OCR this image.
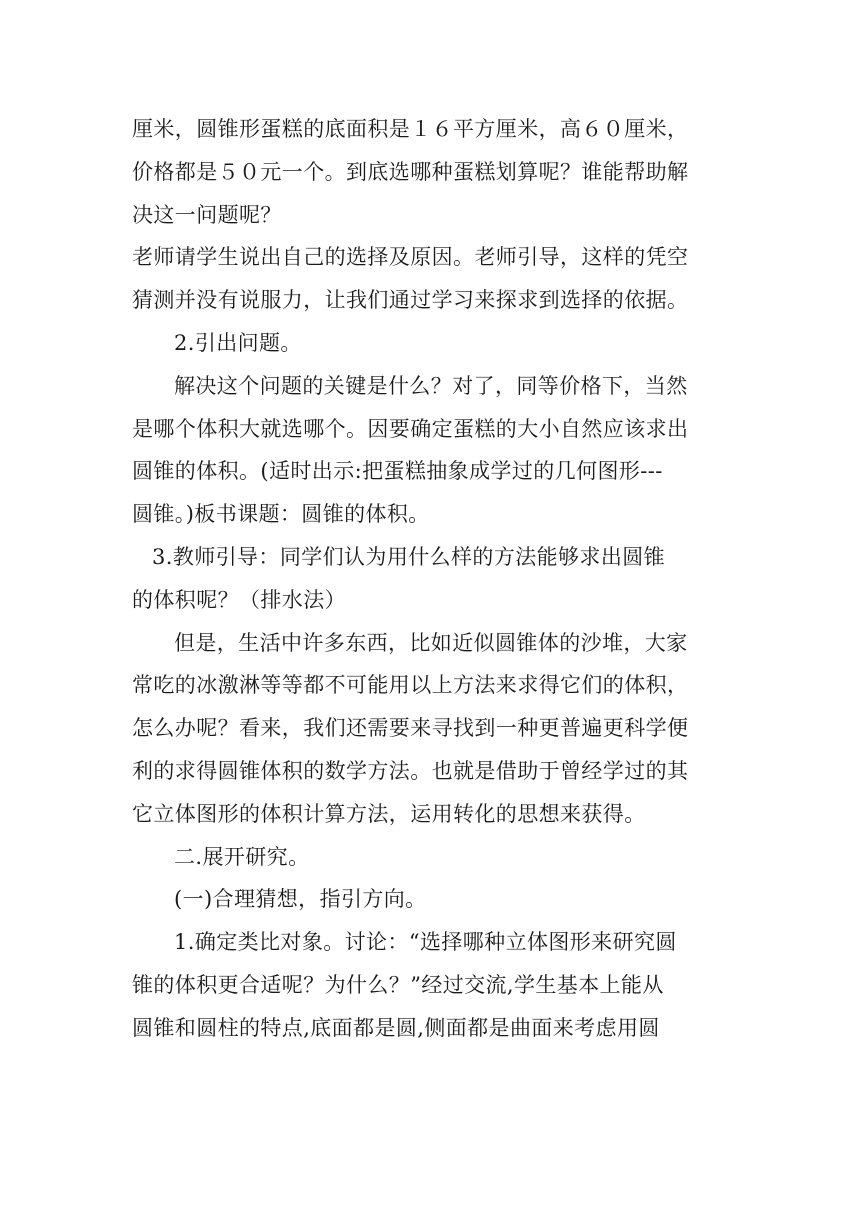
厘米，圆锥形蛋糕的底面积是１６平方厘米，高６０厘米，
价格都是５０元一个。到底选哪种蛋糕划算呢？谁能帮助解
决这一问题呢？
老师请学生说出自己的选择及原因。老师引导，这样的凭空
猜测并没有说服力，让我们通过学习来探求到选择的依据。
2.引出问题。
解决这个问题的关键是什么？对了，同等价格下，当然
是哪个体积大就选哪个。因要确定蛋糕的大小自然应该求出
圆锥的体积。(适时出示:把蛋糕抽象成学过的几何图形---
圆锥。)板书课题：圆锥的体积。
3.教师引导：同学们认为用什么样的方法能够求出圆锥
的体积呢？（排水法）
但是，生活中许多东西，比如近似圆锥体的沙堆，大家
常吃的冰激淋等等都不可能用以上方法来求得它们的体积，
怎么办呢？看来，我们还需要来寻找到一种更普遍更科学便
利的求得圆锥体积的数学方法。也就是借助于曾经学过的其
它立体图形的体积计算方法，运用转化的思想来获得。
二.展开研究。
(一)合理猜想，指引方向。
1.确定类比对象。讨论：“选择哪种立体图形来研究圆
锥的体积更合适呢？为什么？”经过交流,学生基本上能从
圆锥和圆柱的特点,底面都是圆,侧面都是曲面来考虑用圆
